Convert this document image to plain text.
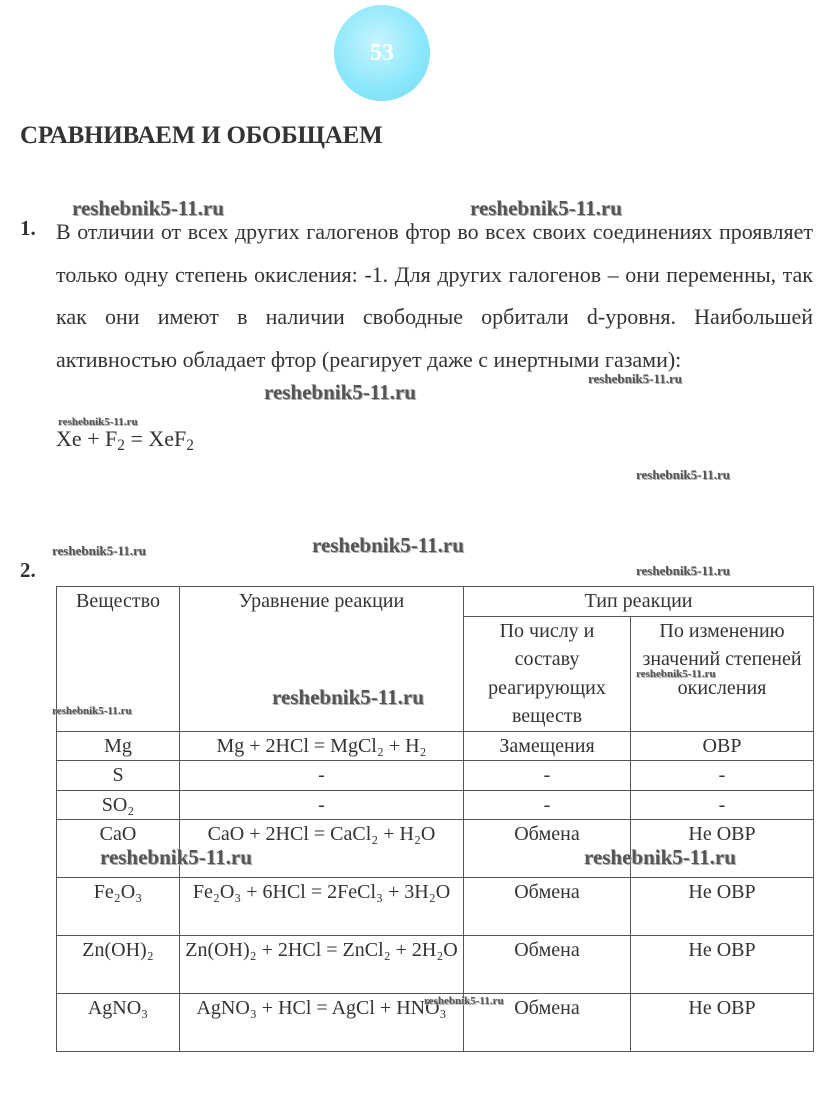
53
СРАВНИВАЕМ И ОБОБЩАЕМ
1. В отличии от всех других галогенов фтор во всех своих соединениях проявляет только одну степень окисления: -1. Для других галогенов – они переменны, так как они имеют в наличии свободные орбитали d-уровня. Наибольшей активностью обладает фтор (реагирует даже с инертными газами):
$Xe + F_2 = XeF_2$
2.
Вещество	Уравнение реакции	Тип реакции	
		По числу и составу реагирующих веществ	По изменению значений степеней окисления
Mg	Mg + 2HCl = MgCl₂ + H₂	Замещения	ОВР
S	-	-	-
SO₂	-	-	-
CaO	CaO + 2HCl = CaCl₂ + H₂O	Обмена	Не ОВР
Fe₂O₃	Fe₂O₃ + 6HCl = 2FeCl₃ + 3H₂O	Обмена	Не ОВР
Zn(OH)₂	Zn(OH)₂ + 2HCl = ZnCl₂ + 2H₂O	Обмена	Не ОВР
AgNO₃	AgNO₃ + HCl = AgCl + HNO₃	Обмена	Не ОВР
reshebnik5-11.ru	reshebnik5-11.ru
reshebnik5-11.ru
reshebnik5-11.ru
reshebnik5-11.ru
reshebnik5-11.ru
reshebnik5-11.ru
reshebnik5-11.ru
reshebnik5-11.ru
reshebnik5-11.ru
reshebnik5-11.ru
reshebnik5-11.ru
reshebnik5-11.ru	reshebnik5-11.ru
reshebnik5-11.ru
